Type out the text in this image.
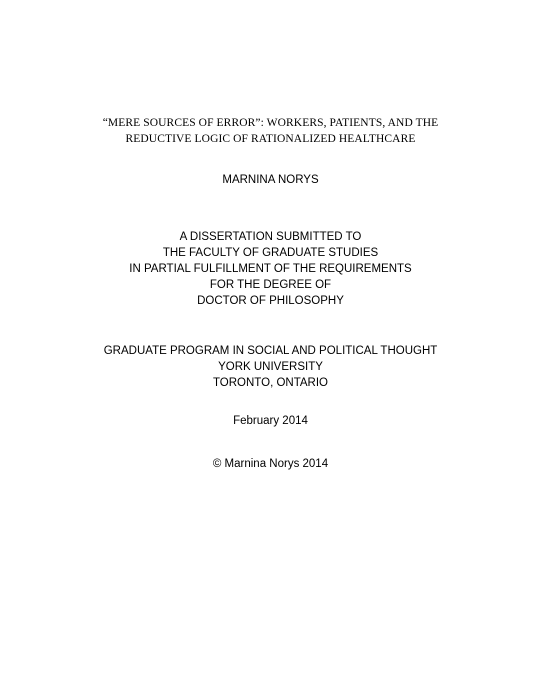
“MERE SOURCES OF ERROR”: WORKERS, PATIENTS, AND THE
REDUCTIVE LOGIC OF RATIONALIZED HEALTHCARE
MARNINA NORYS
A DISSERTATION SUBMITTED TO
THE FACULTY OF GRADUATE STUDIES
IN PARTIAL FULFILLMENT OF THE REQUIREMENTS
FOR THE DEGREE OF
DOCTOR OF PHILOSOPHY
GRADUATE PROGRAM IN SOCIAL AND POLITICAL THOUGHT
YORK UNIVERSITY
TORONTO, ONTARIO
February 2014
© Marnina Norys 2014
